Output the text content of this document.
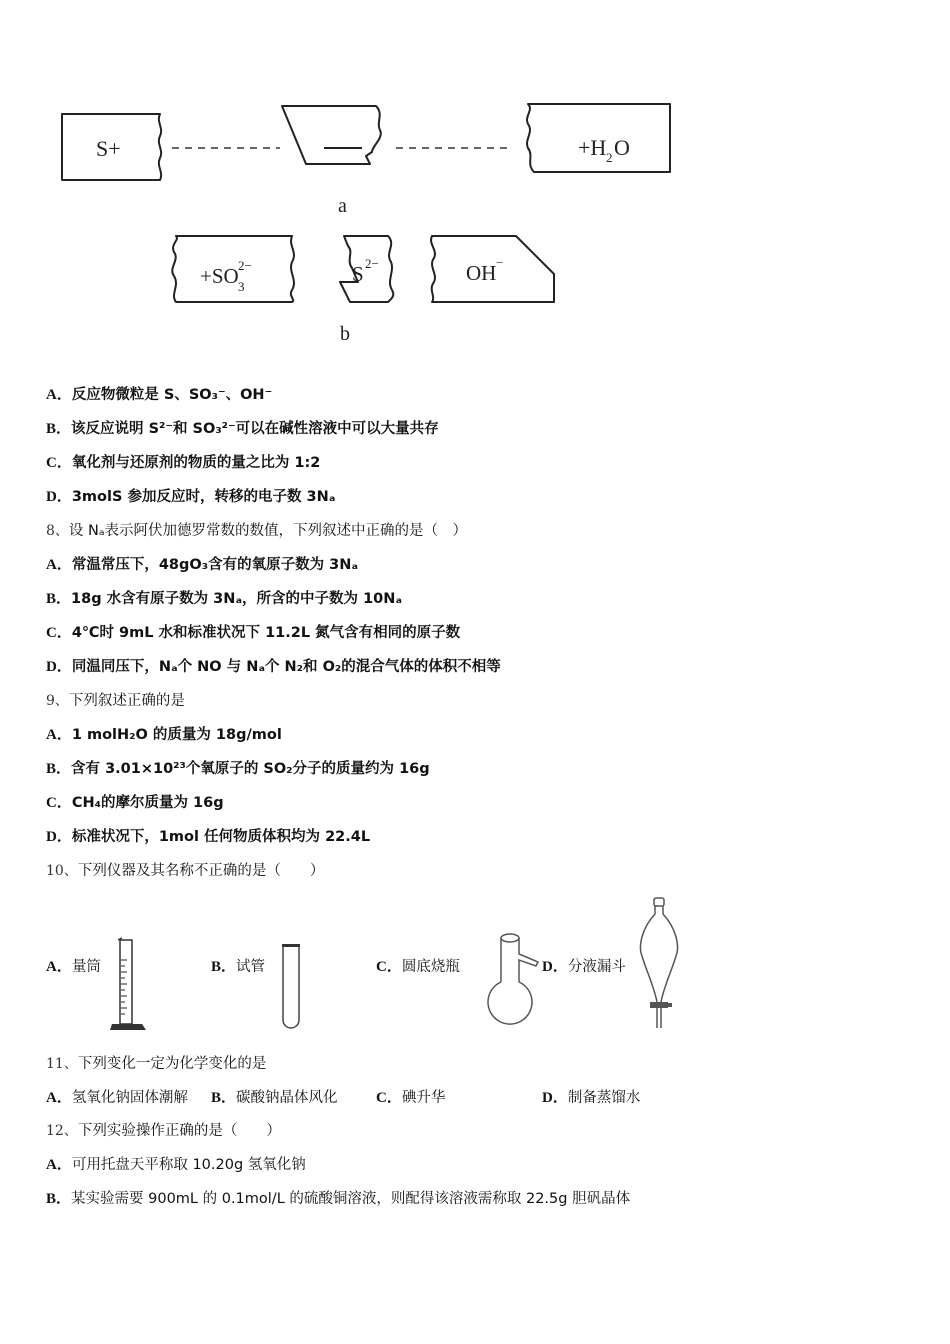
S+	+H 2 O
a
+SO 3
2−	S 2−	OH −
b
A．反应物微粒是 S、SO₃⁻、OH⁻
B．该反应说明 S²⁻和 SO₃²⁻可以在碱性溶液中可以大量共存
C．氧化剂与还原剂的物质的量之比为 1:2
D．3molS 参加反应时，转移的电子数 3Nₐ
8、设 Nₐ表示阿伏加德罗常数的数值，下列叙述中正确的是（　）
A．常温常压下，48gO₃含有的氧原子数为 3Nₐ
B．18g 水含有原子数为 3Nₐ，所含的中子数为 10Nₐ
C．4℃时 9mL 水和标准状况下 11.2L 氮气含有相同的原子数
D．同温同压下，Nₐ个 NO 与 Nₐ个 N₂和 O₂的混合气体的体积不相等
9、下列叙述正确的是
A．1 molH₂O 的质量为 18g/mol
B．含有 3.01×10²³个氧原子的 SO₂分子的质量约为 16g
C．CH₄的摩尔质量为 16g
D．标准状况下，1mol 任何物质体积均为 22.4L
10、下列仪器及其名称不正确的是（　　）
A．量筒	B．试管	C．圆底烧瓶	D．分液漏斗
11、下列变化一定为化学变化的是
A．氢氧化钠固体潮解 B．碳酸钠晶体风化	C．碘升华	D．制备蒸馏水
12、下列实验操作正确的是（　　）
A．可用托盘天平称取 10.20g 氢氧化钠
B．某实验需要 900mL 的 0.1mol/L 的硫酸铜溶液，则配得该溶液需称取 22.5g 胆矾晶体
